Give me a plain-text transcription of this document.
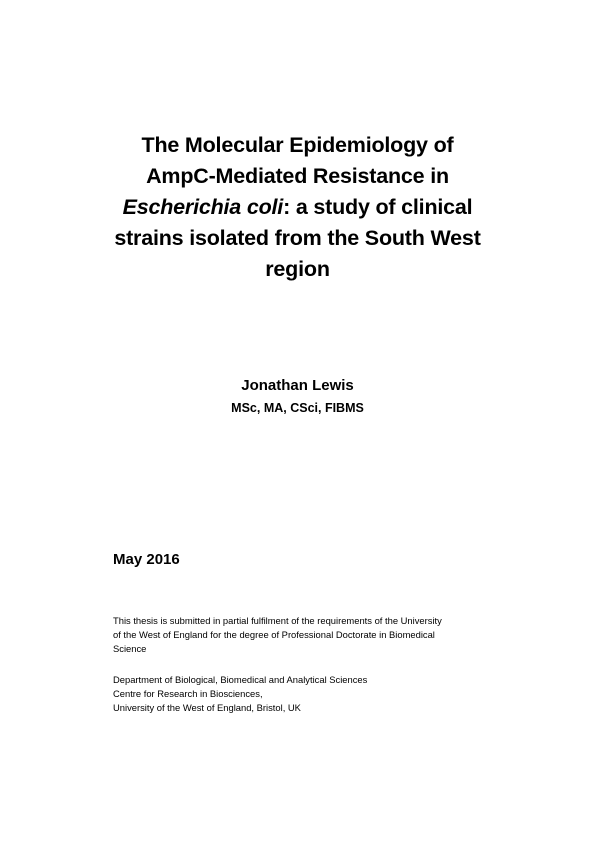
The Molecular Epidemiology of
AmpC-Mediated Resistance in
Escherichia coli: a study of clinical
strains isolated from the South West
region
Jonathan Lewis
MSc, MA, CSci, FIBMS
May 2016
This thesis is submitted in partial fulfilment of the requirements of the University
of the West of England for the degree of Professional Doctorate in Biomedical
Science
Department of Biological, Biomedical and Analytical Sciences
Centre for Research in Biosciences,
University of the West of England, Bristol, UK
